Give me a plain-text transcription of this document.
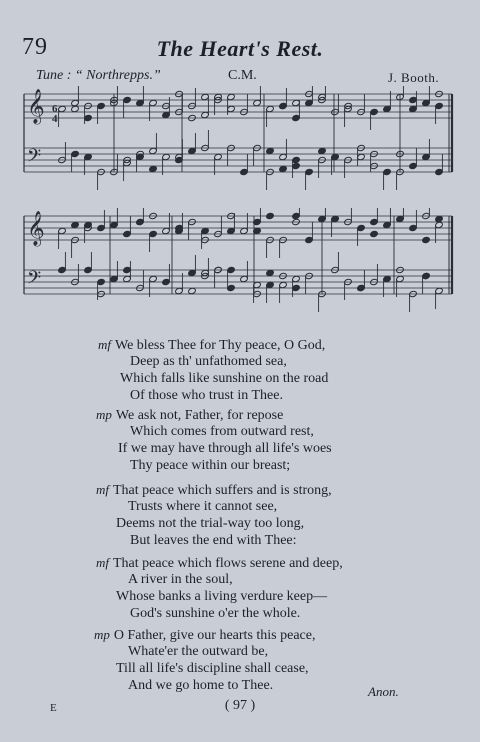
79	The Heart's Rest.
Tune : “ Northrepps.”	C.M.	J. Booth.
𝄞
𝄢
6
4
𝄞
𝄢
mf We bless Thee for Thy peace, O God,
Deep as th' unfathomed sea,
Which falls like sunshine on the road
Of those who trust in Thee.
mp We ask not, Father, for repose
Which comes from outward rest,
If we may have through all life's woes
Thy peace within our breast;
mf That peace which suffers and is strong,
Trusts where it cannot see,
Deems not the trial-way too long,
But leaves the end with Thee:
mf That peace which flows serene and deep,
A river in the soul,
Whose banks a living verdure keep—
God's sunshine o'er the whole.
mp O Father, give our hearts this peace,
Whate'er the outward be,
Till all life's discipline shall cease,
And we go home to Thee.	Anon.
E	( 97 )
